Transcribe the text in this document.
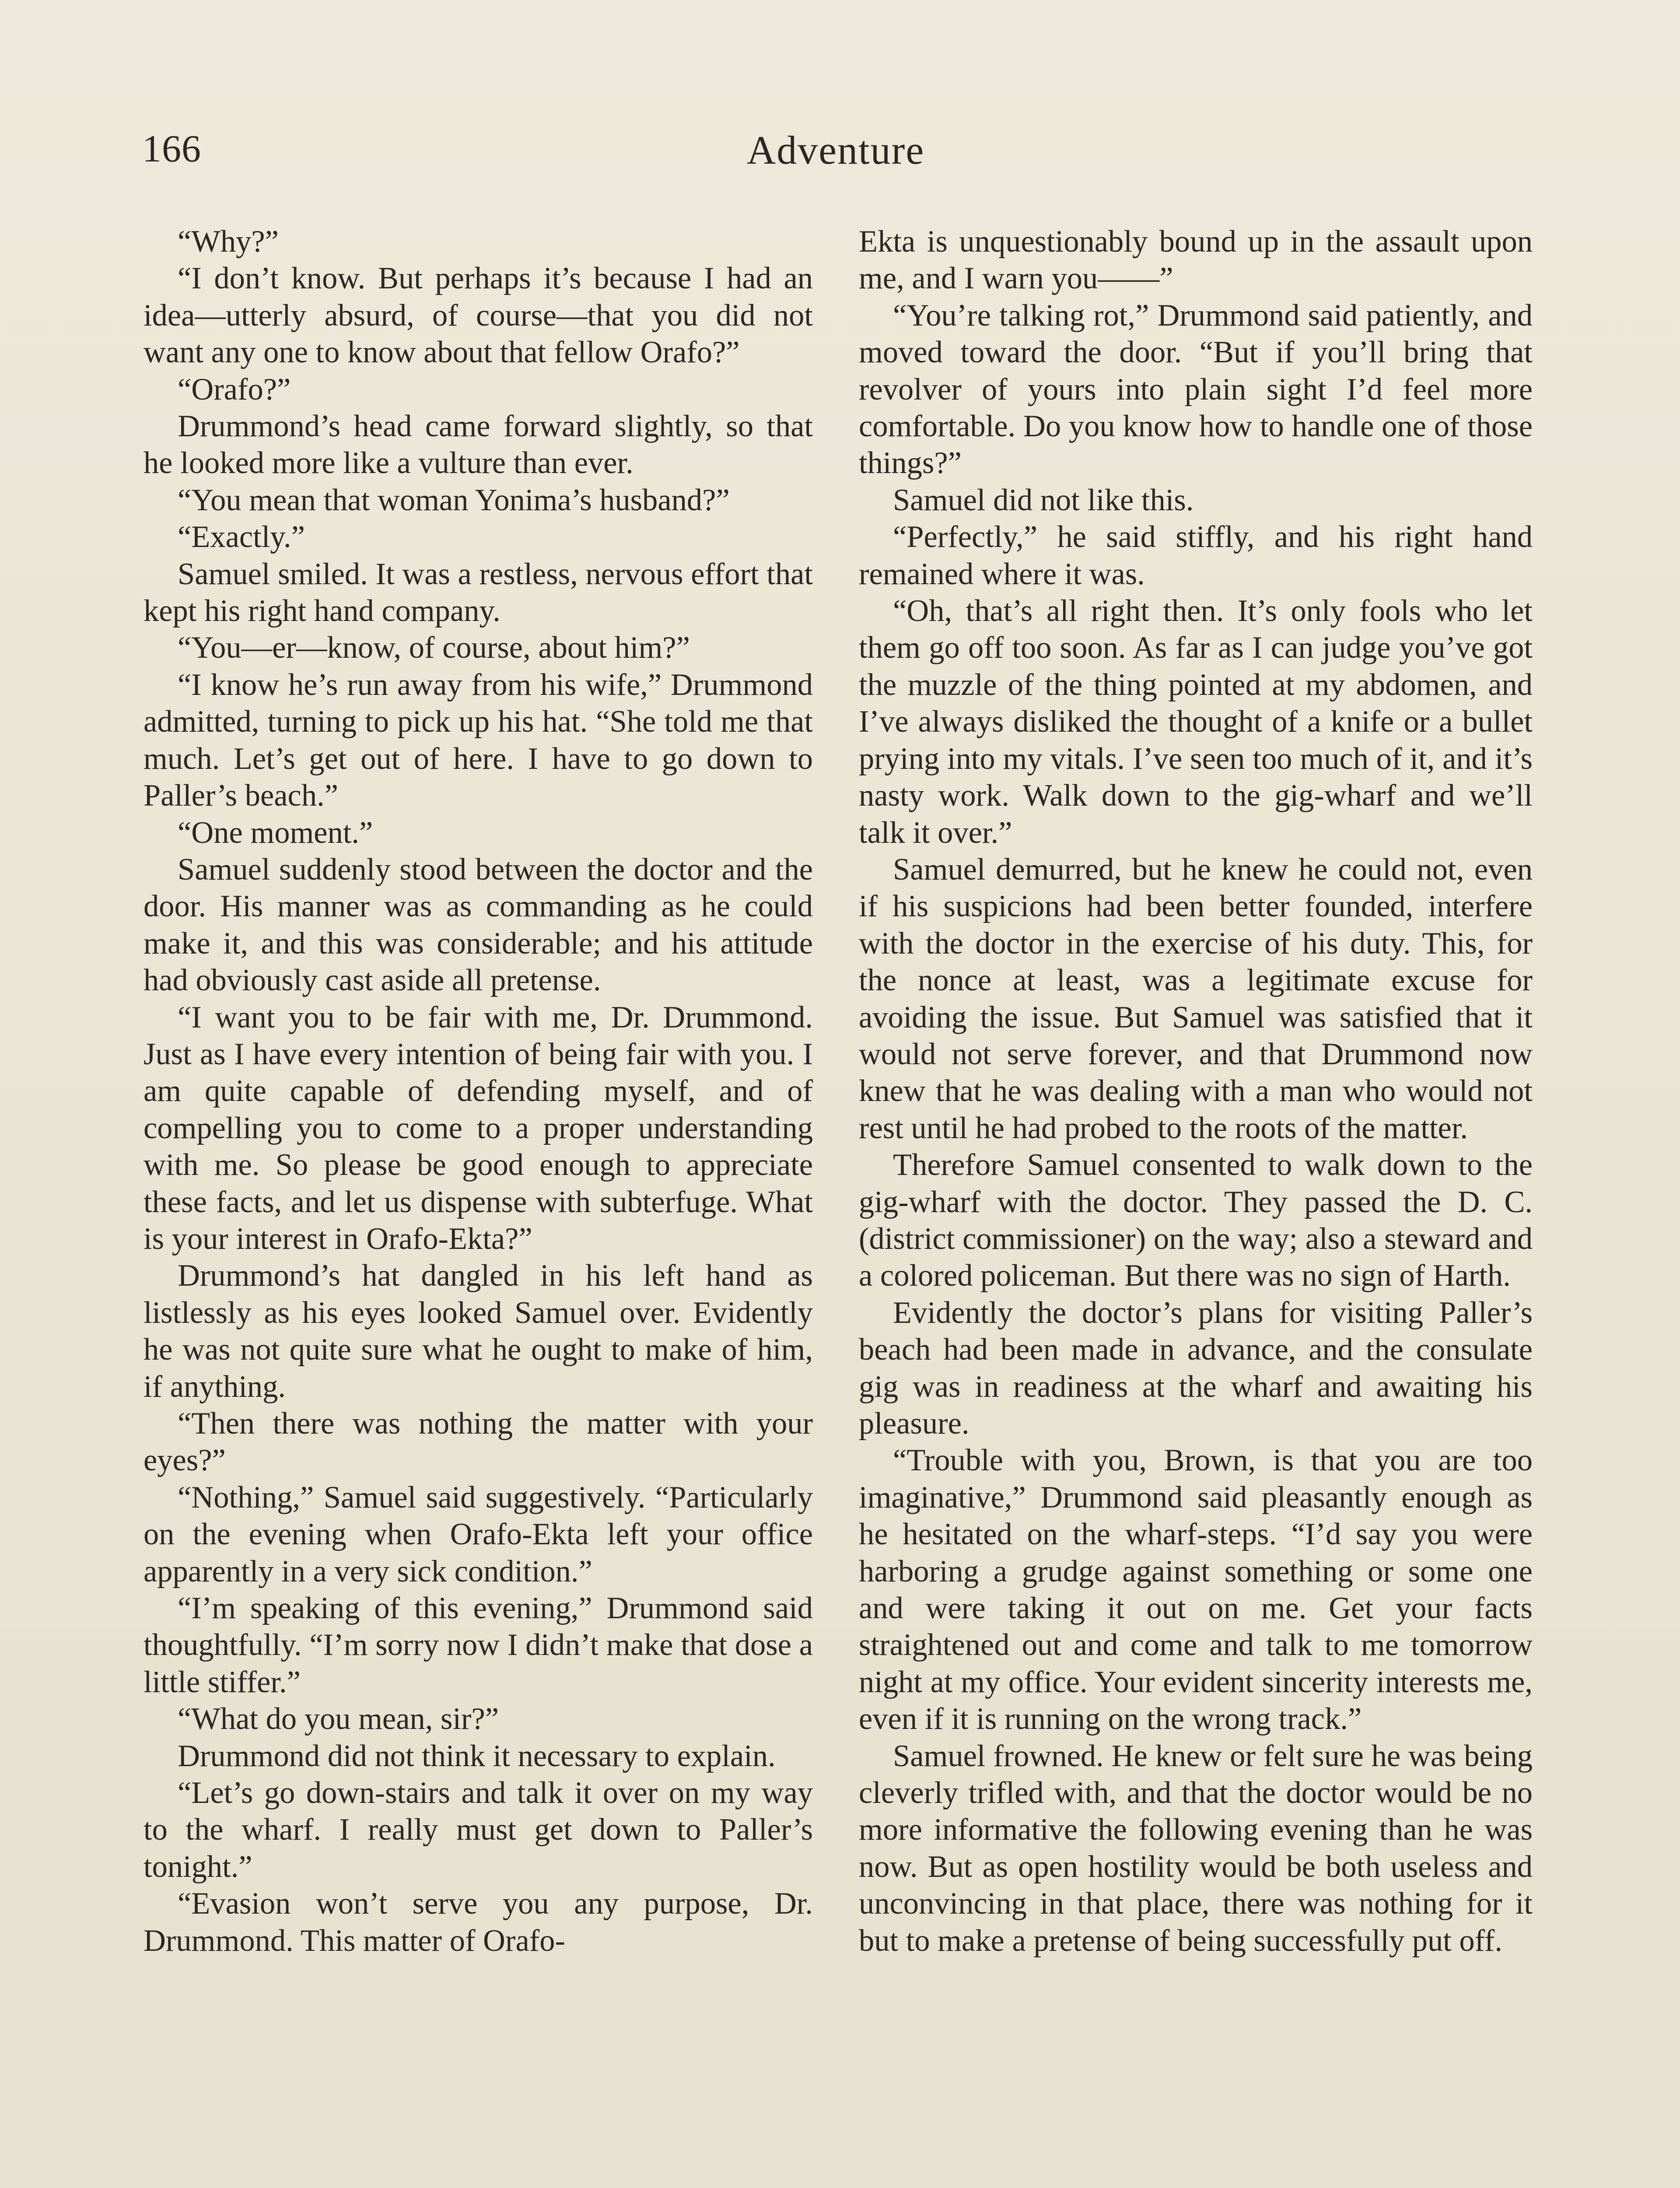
166	Adventure

“Why?”

“I don’t know. But perhaps it’s because I had an idea—utterly absurd, of course—that you did not want any one to know about that fellow Orafo?”

“Orafo?”

Drummond’s head came forward slightly, so that he looked more like a vulture than ever.

“You mean that woman Yonima’s husband?”

“Exactly.”

Samuel smiled. It was a restless, nervous effort that kept his right hand company.

“You—er—know, of course, about him?”

“I know he’s run away from his wife,” Drummond admitted, turning to pick up his hat. “She told me that much. Let’s get out of here. I have to go down to Paller’s beach.”

“One moment.”

Samuel suddenly stood between the doctor and the door. His manner was as commanding as he could make it, and this was considerable; and his attitude had obviously cast aside all pretense.

“I want you to be fair with me, Dr. Drummond. Just as I have every intention of being fair with you. I am quite capable of defending myself, and of compelling you to come to a proper understanding with me. So please be good enough to appreciate these facts, and let us dispense with subterfuge. What is your interest in Orafo-Ekta?”

Drummond’s hat dangled in his left hand as listlessly as his eyes looked Samuel over. Evidently he was not quite sure what he ought to make of him, if anything.

“Then there was nothing the matter with your eyes?”

“Nothing,” Samuel said suggestively. “Particularly on the evening when Orafo-Ekta left your office apparently in a very sick condition.”

“I’m speaking of this evening,” Drummond said thoughtfully. “I’m sorry now I didn’t make that dose a little stiffer.”

“What do you mean, sir?”

Drummond did not think it necessary to explain.

“Let’s go down-stairs and talk it over on my way to the wharf. I really must get down to Paller’s tonight.”

“Evasion won’t serve you any purpose, Dr. Drummond. This matter of Orafo-

Ekta is unquestionably bound up in the assault upon me, and I warn you——”

“You’re talking rot,” Drummond said patiently, and moved toward the door. “But if you’ll bring that revolver of yours into plain sight I’d feel more comfortable. Do you know how to handle one of those things?”

Samuel did not like this.

“Perfectly,” he said stiffly, and his right hand remained where it was.

“Oh, that’s all right then. It’s only fools who let them go off too soon. As far as I can judge you’ve got the muzzle of the thing pointed at my abdomen, and I’ve always disliked the thought of a knife or a bullet prying into my vitals. I’ve seen too much of it, and it’s nasty work. Walk down to the gig-wharf and we’ll talk it over.”

Samuel demurred, but he knew he could not, even if his suspicions had been better founded, interfere with the doctor in the exercise of his duty. This, for the nonce at least, was a legitimate excuse for avoiding the issue. But Samuel was satisfied that it would not serve forever, and that Drummond now knew that he was dealing with a man who would not rest until he had probed to the roots of the matter.

Therefore Samuel consented to walk down to the gig-wharf with the doctor. They passed the D. C. (district commissioner) on the way; also a steward and a colored policeman. But there was no sign of Harth.

Evidently the doctor’s plans for visiting Paller’s beach had been made in advance, and the consulate gig was in readiness at the wharf and awaiting his pleasure.

“Trouble with you, Brown, is that you are too imaginative,” Drummond said pleasantly enough as he hesitated on the wharf-steps. “I’d say you were harboring a grudge against something or some one and were taking it out on me. Get your facts straightened out and come and talk to me tomorrow night at my office. Your evident sincerity interests me, even if it is running on the wrong track.”

Samuel frowned. He knew or felt sure he was being cleverly trifled with, and that the doctor would be no more informative the following evening than he was now. But as open hostility would be both useless and unconvincing in that place, there was nothing for it but to make a pretense of being successfully put off.
